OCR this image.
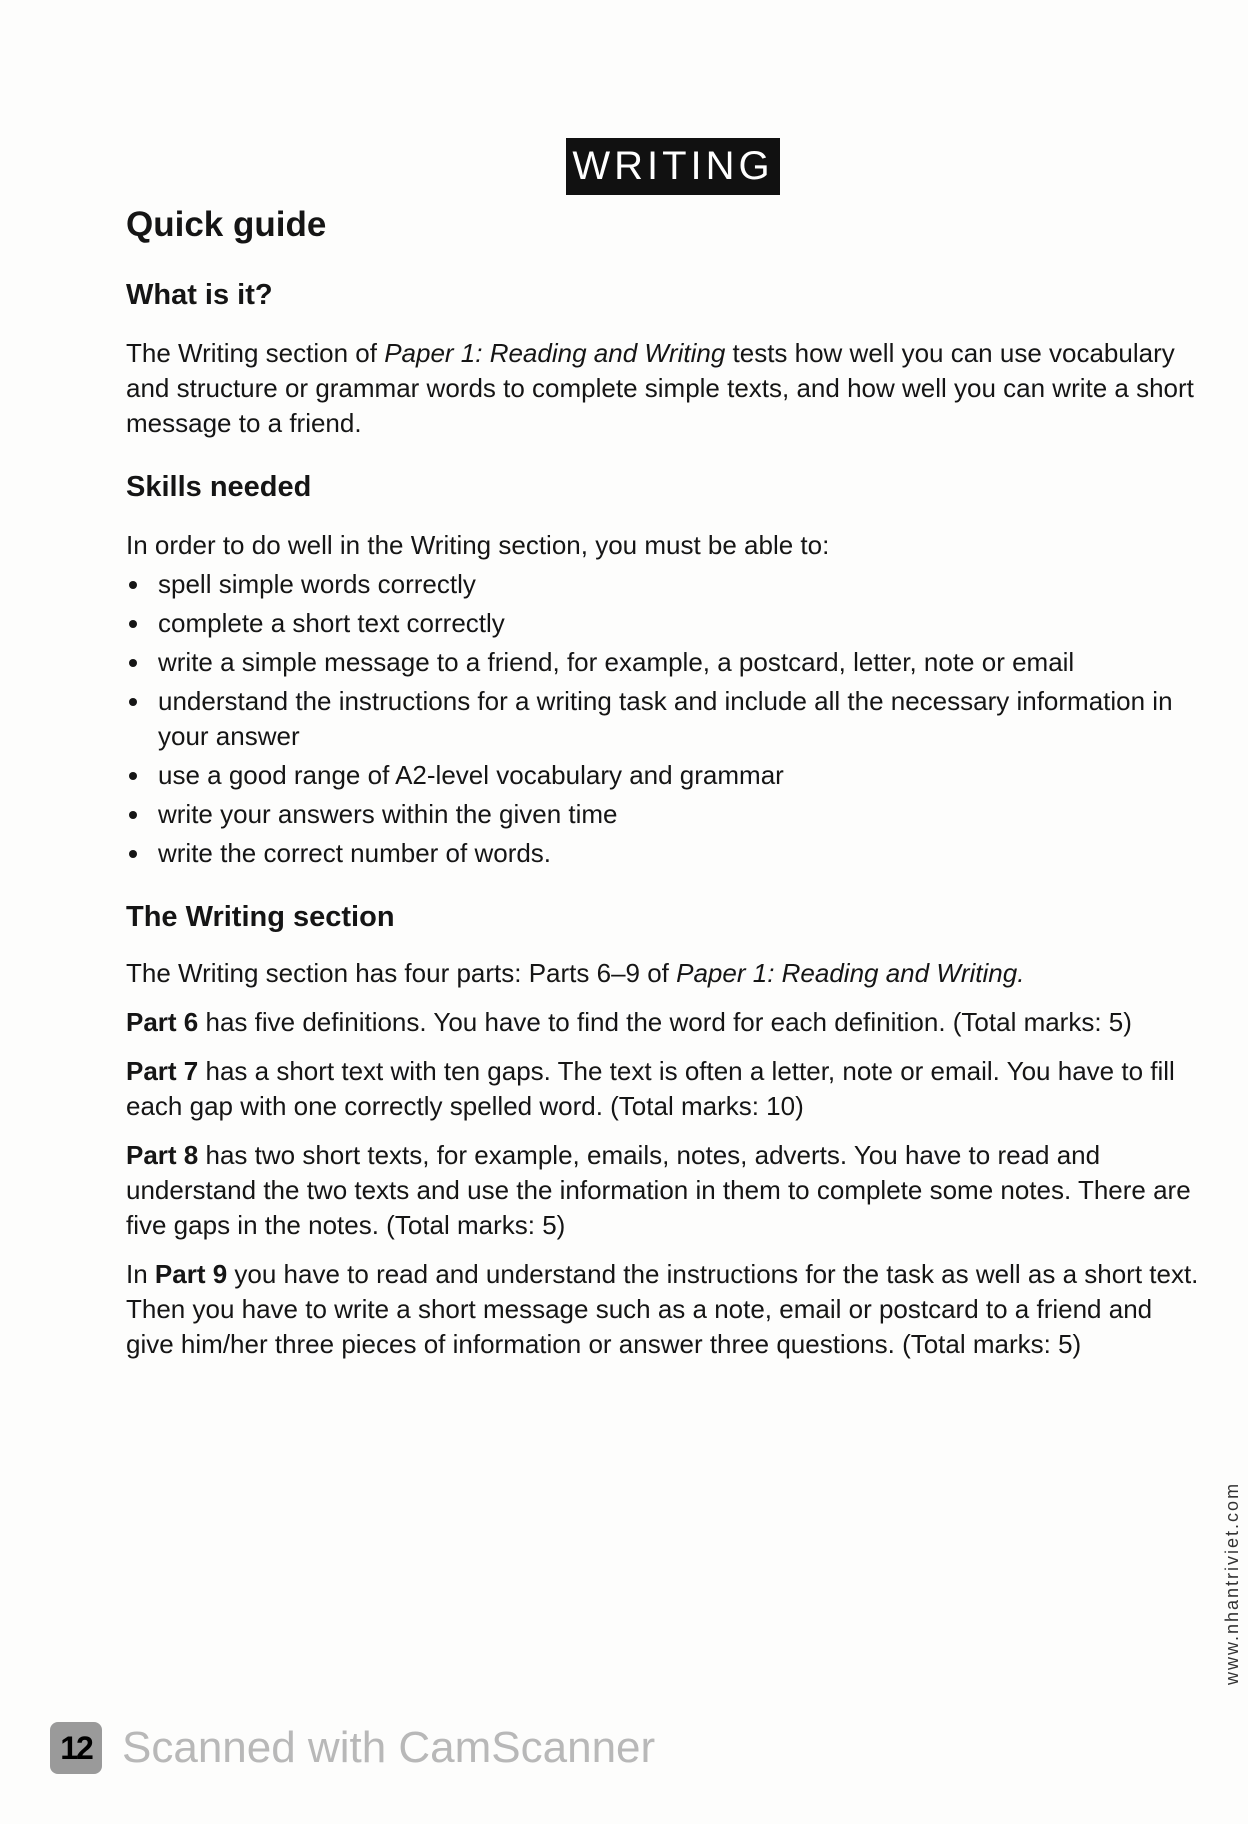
WRITING
Quick guide
What is it?

The Writing section of Paper 1: Reading and Writing tests how well you can use vocabulary and structure or grammar words to complete simple texts, and how well you can write a short message to a friend.

Skills needed

In order to do well in the Writing section, you must be able to:

spell simple words correctly
complete a short text correctly
write a simple message to a friend, for example, a postcard, letter, note or email
understand the instructions for a writing task and include all the necessary information in your answer
use a good range of A2-level vocabulary and grammar
write your answers within the given time
write the correct number of words.
The Writing section

The Writing section has four parts: Parts 6–9 of Paper 1: Reading and Writing.

Part 6 has five definitions. You have to find the word for each definition. (Total marks: 5)

Part 7 has a short text with ten gaps. The text is often a letter, note or email. You have to fill each gap with one correctly spelled word. (Total marks: 10)

Part 8 has two short texts, for example, emails, notes, adverts. You have to read and understand the two texts and use the information in them to complete some notes. There are five gaps in the notes. (Total marks: 5)

In Part 9 you have to read and understand the instructions for the task as well as a short text. Then you have to write a short message such as a note, email or postcard to a friend and give him/her three pieces of information or answer three questions. (Total marks: 5)

www.nhantriviet.com
12 Scanned with CamScanner
